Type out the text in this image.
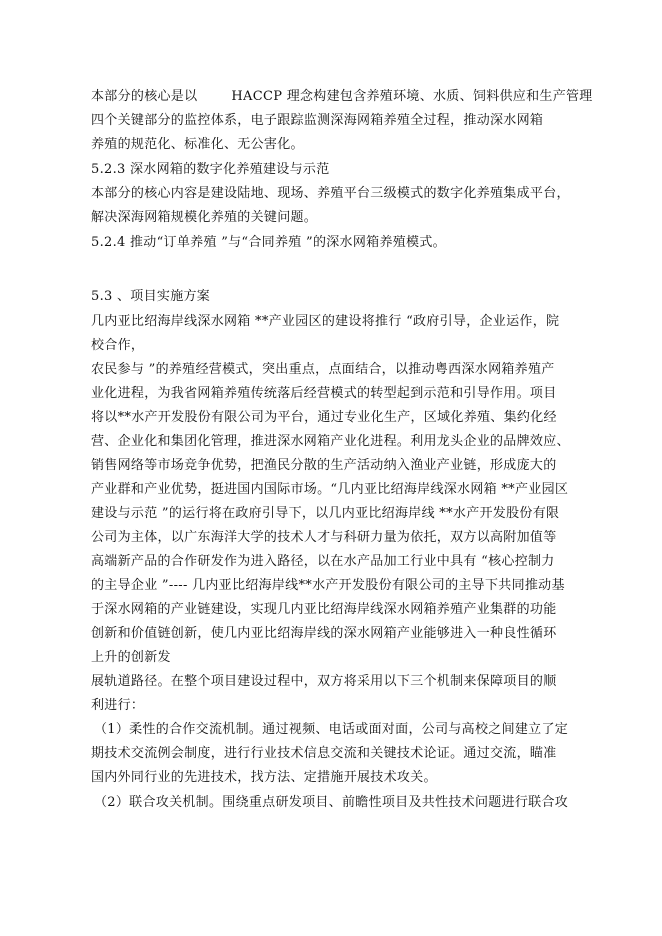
本部分的核心是以	HACCP 理念构建包含养殖环境、水质、饲料供应和生产管理
四个关键部分的监控体系，电子跟踪监测深海网箱养殖全过程，推动深水网箱
养殖的规范化、标准化、无公害化。
5.2.3 深水网箱的数字化养殖建设与示范
本部分的核心内容是建设陆地、现场、养殖平台三级模式的数字化养殖集成平台，
解决深海网箱规模化养殖的关键问题。
5.2.4 推动“订单养殖 ”与“合同养殖 ”的深水网箱养殖模式。
5.3 、项目实施方案
几内亚比绍海岸线深水网箱 **产业园区的建设将推行 “政府引导，企业运作，院
校合作，
农民参与 ”的养殖经营模式，突出重点，点面结合，以推动粤西深水网箱养殖产
业化进程，为我省网箱养殖传统落后经营模式的转型起到示范和引导作用。项目
将以**水产开发股份有限公司为平台，通过专业化生产，区域化养殖、集约化经
营、企业化和集团化管理，推进深水网箱产业化进程。利用龙头企业的品牌效应、
销售网络等市场竞争优势，把渔民分散的生产活动纳入渔业产业链，形成庞大的
产业群和产业优势，挺进国内国际市场。“几内亚比绍海岸线深水网箱 **产业园区
建设与示范 ”的运行将在政府引导下，以几内亚比绍海岸线 **水产开发股份有限
公司为主体，以广东海洋大学的技术人才与科研力量为依托，双方以高附加值等
高端新产品的合作研发作为进入路径，以在水产品加工行业中具有 “核心控制力
的主导企业 ”---- 几内亚比绍海岸线**水产开发股份有限公司的主导下共同推动基
于深水网箱的产业链建设，实现几内亚比绍海岸线深水网箱养殖产业集群的功能
创新和价值链创新，使几内亚比绍海岸线的深水网箱产业能够进入一种良性循环
上升的创新发
展轨道路径。在整个项目建设过程中，双方将采用以下三个机制来保障项目的顺
利进行：
（1）柔性的合作交流机制。通过视频、电话或面对面，公司与高校之间建立了定
期技术交流例会制度，进行行业技术信息交流和关键技术论证。通过交流，瞄准
国内外同行业的先进技术，找方法、定措施开展技术攻关。
（2）联合攻关机制。围绕重点研发项目、前瞻性项目及共性技术问题进行联合攻
